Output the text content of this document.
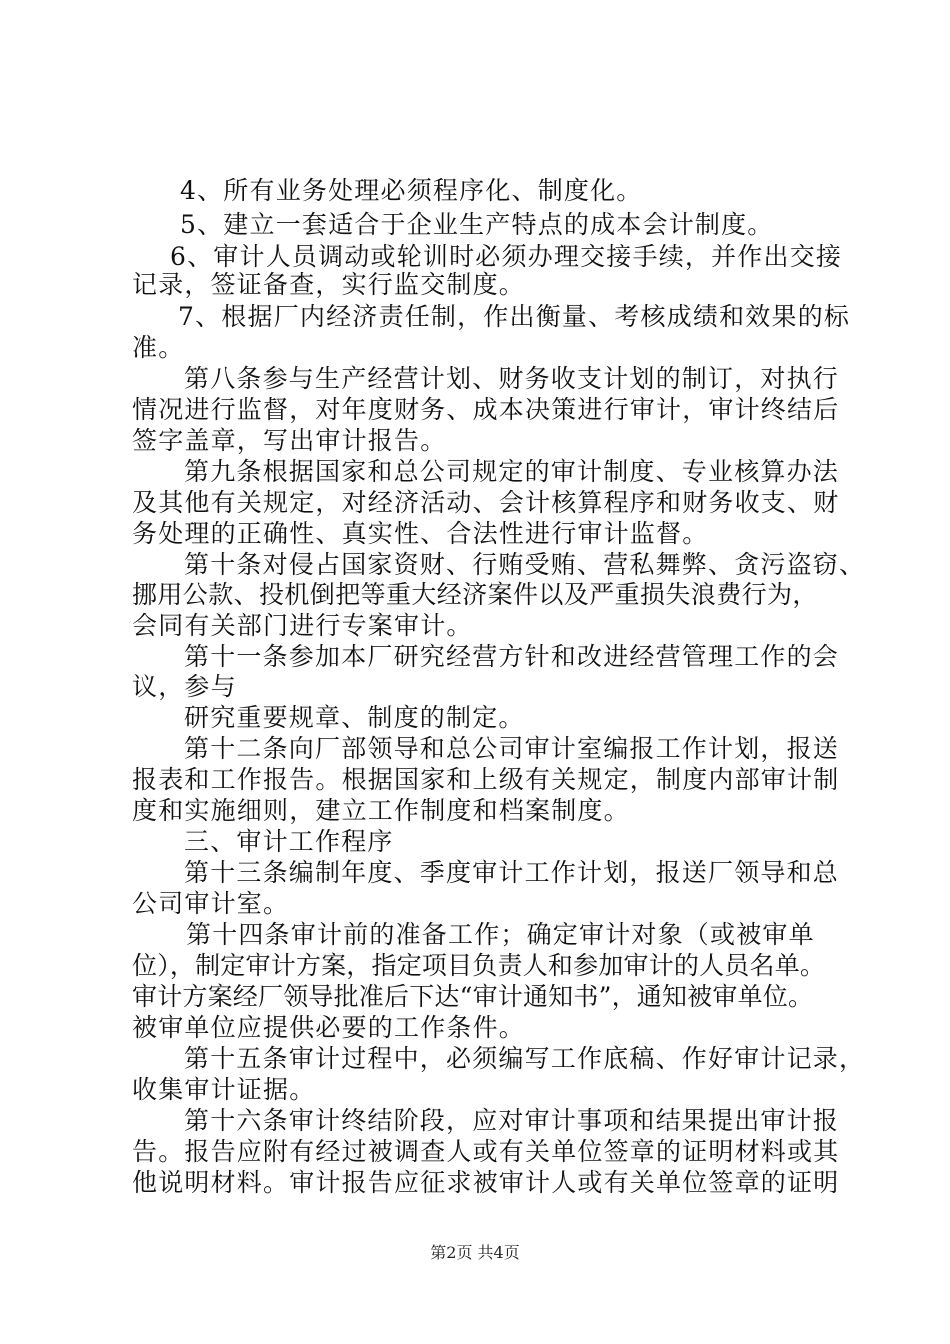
4、所有业务处理必须程序化、制度化。
5、建立一套适合于企业生产特点的成本会计制度。
6、审计人员调动或轮训时必须办理交接手续，并作出交接
记录，签证备查，实行监交制度。
7、根据厂内经济责任制，作出衡量、考核成绩和效果的标
准。
第八条参与生产经营计划、财务收支计划的制订，对执行
情况进行监督，对年度财务、成本决策进行审计，审计终结后
签字盖章，写出审计报告。
第九条根据国家和总公司规定的审计制度、专业核算办法
及其他有关规定，对经济活动、会计核算程序和财务收支、财
务处理的正确性、真实性、合法性进行审计监督。
第十条对侵占国家资财、行贿受贿、营私舞弊、贪污盗窃、
挪用公款、投机倒把等重大经济案件以及严重损失浪费行为，
会同有关部门进行专案审计。
第十一条参加本厂研究经营方针和改进经营管理工作的会
议，参与
研究重要规章、制度的制定。
第十二条向厂部领导和总公司审计室编报工作计划，报送
报表和工作报告。根据国家和上级有关规定，制度内部审计制
度和实施细则，建立工作制度和档案制度。
三、审计工作程序
第十三条编制年度、季度审计工作计划，报送厂领导和总
公司审计室。
第十四条审计前的准备工作；确定审计对象（或被审单
位），制定审计方案，指定项目负责人和参加审计的人员名单。
审计方案经厂领导批准后下达“审计通知书”，通知被审单位。
被审单位应提供必要的工作条件。
第十五条审计过程中，必须编写工作底稿、作好审计记录，
收集审计证据。
第十六条审计终结阶段，应对审计事项和结果提出审计报
告。报告应附有经过被调查人或有关单位签章的证明材料或其
他说明材料。审计报告应征求被审计人或有关单位签章的证明
第2页 共4页
